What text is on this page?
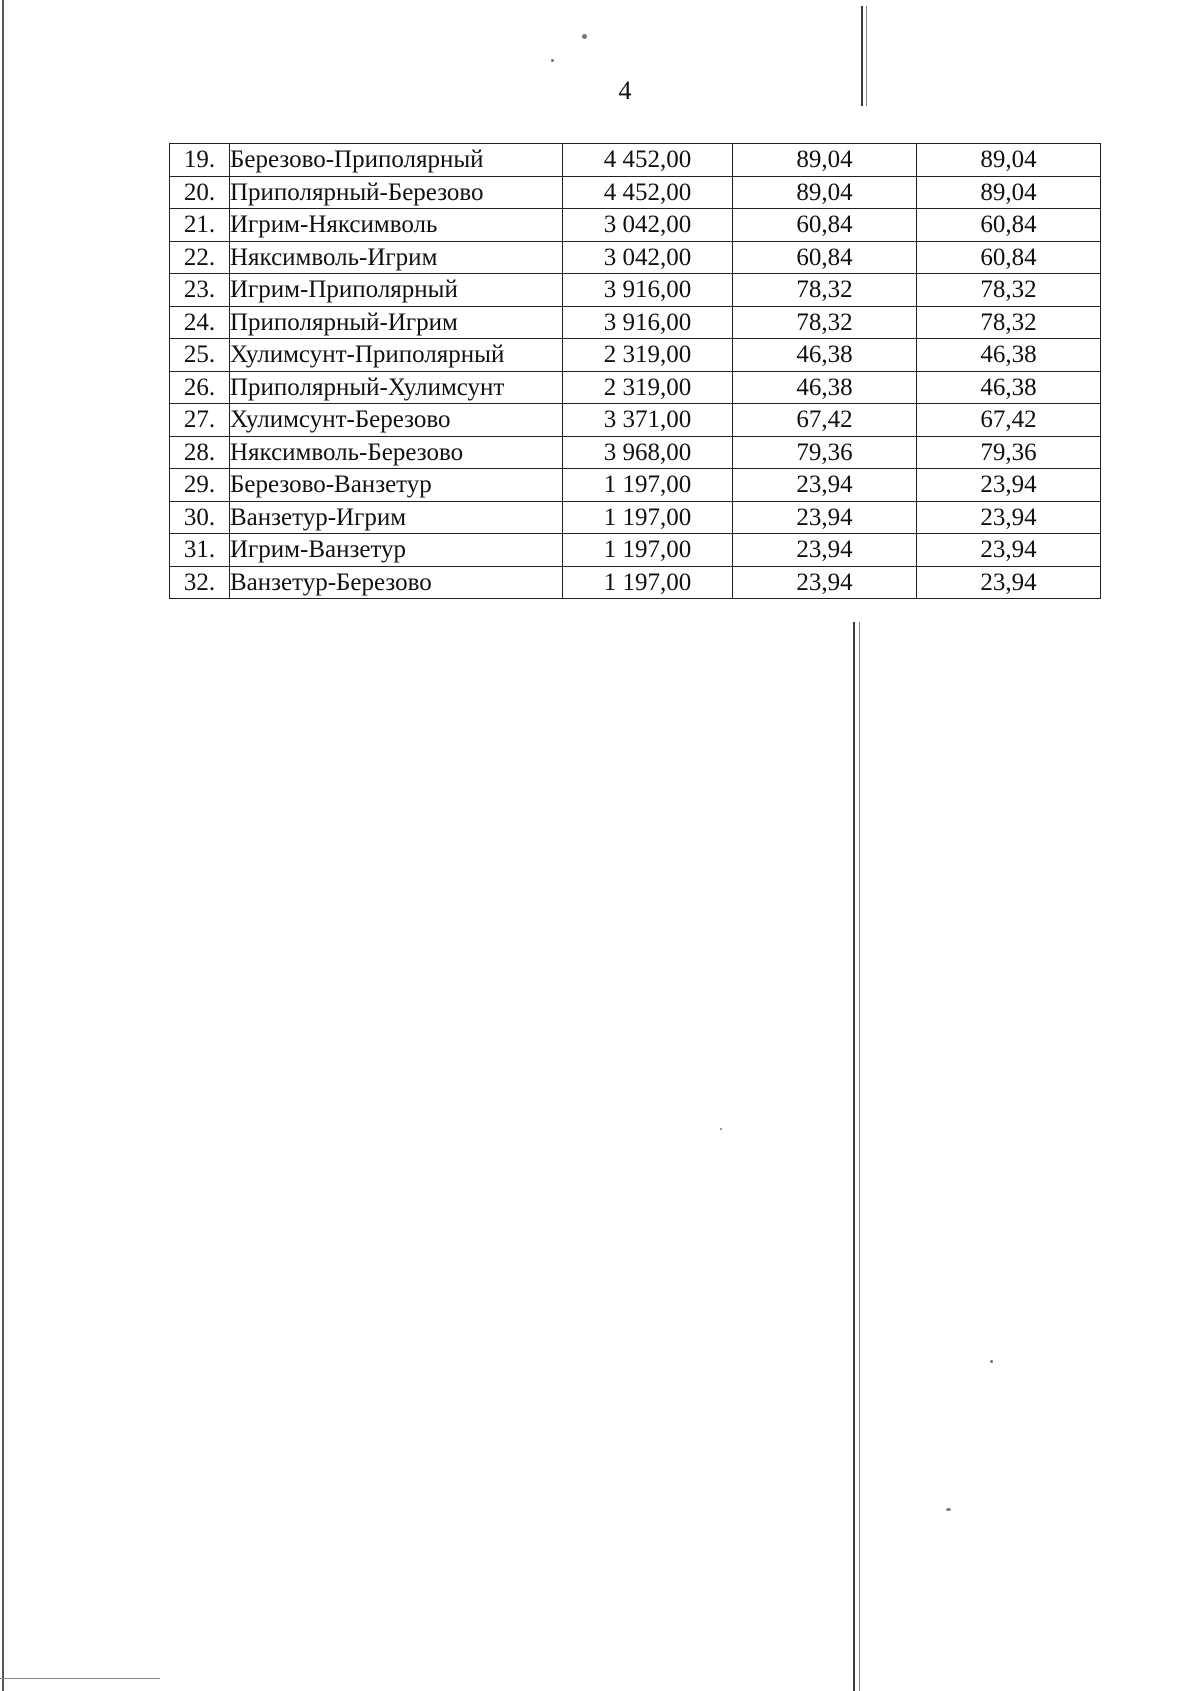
4
19.	Березово-Приполярный	4 452,00	89,04	89,04
20.	Приполярный-Березово	4 452,00	89,04	89,04
21.	Игрим-Няксимволь	3 042,00	60,84	60,84
22.	Няксимволь-Игрим	3 042,00	60,84	60,84
23.	Игрим-Приполярный	3 916,00	78,32	78,32
24.	Приполярный-Игрим	3 916,00	78,32	78,32
25.	Хулимсунт-Приполярный	2 319,00	46,38	46,38
26.	Приполярный-Хулимсунт	2 319,00	46,38	46,38
27.	Хулимсунт-Березово	3 371,00	67,42	67,42
28.	Няксимволь-Березово	3 968,00	79,36	79,36
29.	Березово-Ванзетур	1 197,00	23,94	23,94
30.	Ванзетур-Игрим	1 197,00	23,94	23,94
31.	Игрим-Ванзетур	1 197,00	23,94	23,94
32.	Ванзетур-Березово	1 197,00	23,94	23,94
